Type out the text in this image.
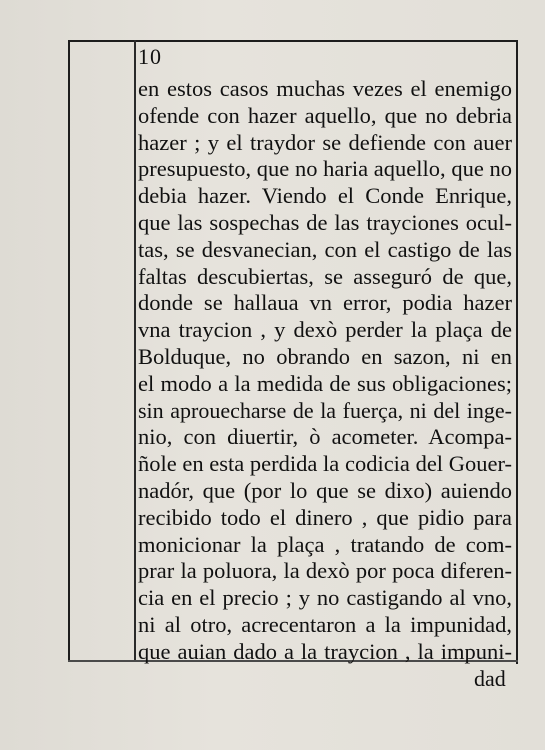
10
en estos casos muchas vezes el enemigo
ofende con hazer aquello, que no debria
hazer ; y el traydor se defiende con auer
presupuesto, que no haria aquello, que no
debia hazer. Viendo el Conde Enrique,
que las sospechas de las trayciones ocul-
tas, se desvanecian, con el castigo de las
faltas descubiertas, se asseguró de que,
donde se hallaua vn error, podia hazer
vna traycion , y dexò perder la plaça de
Bolduque, no obrando en sazon, ni en
el modo a la medida de sus obligaciones;
sin aprouecharse de la fuerça, ni del inge-
nio, con diuertir, ò acometer. Acompa-
ñole en esta perdida la codicia del Gouer-
nadór, que (por lo que se dixo) auiendo
recibido todo el dinero , que pidio para
monicionar la plaça , tratando de com-
prar la poluora, la dexò por poca diferen-
cia en el precio ; y no castigando al vno,
ni al otro, acrecentaron a la impunidad,
que auian dado a la traycion , la impuni-
dad
